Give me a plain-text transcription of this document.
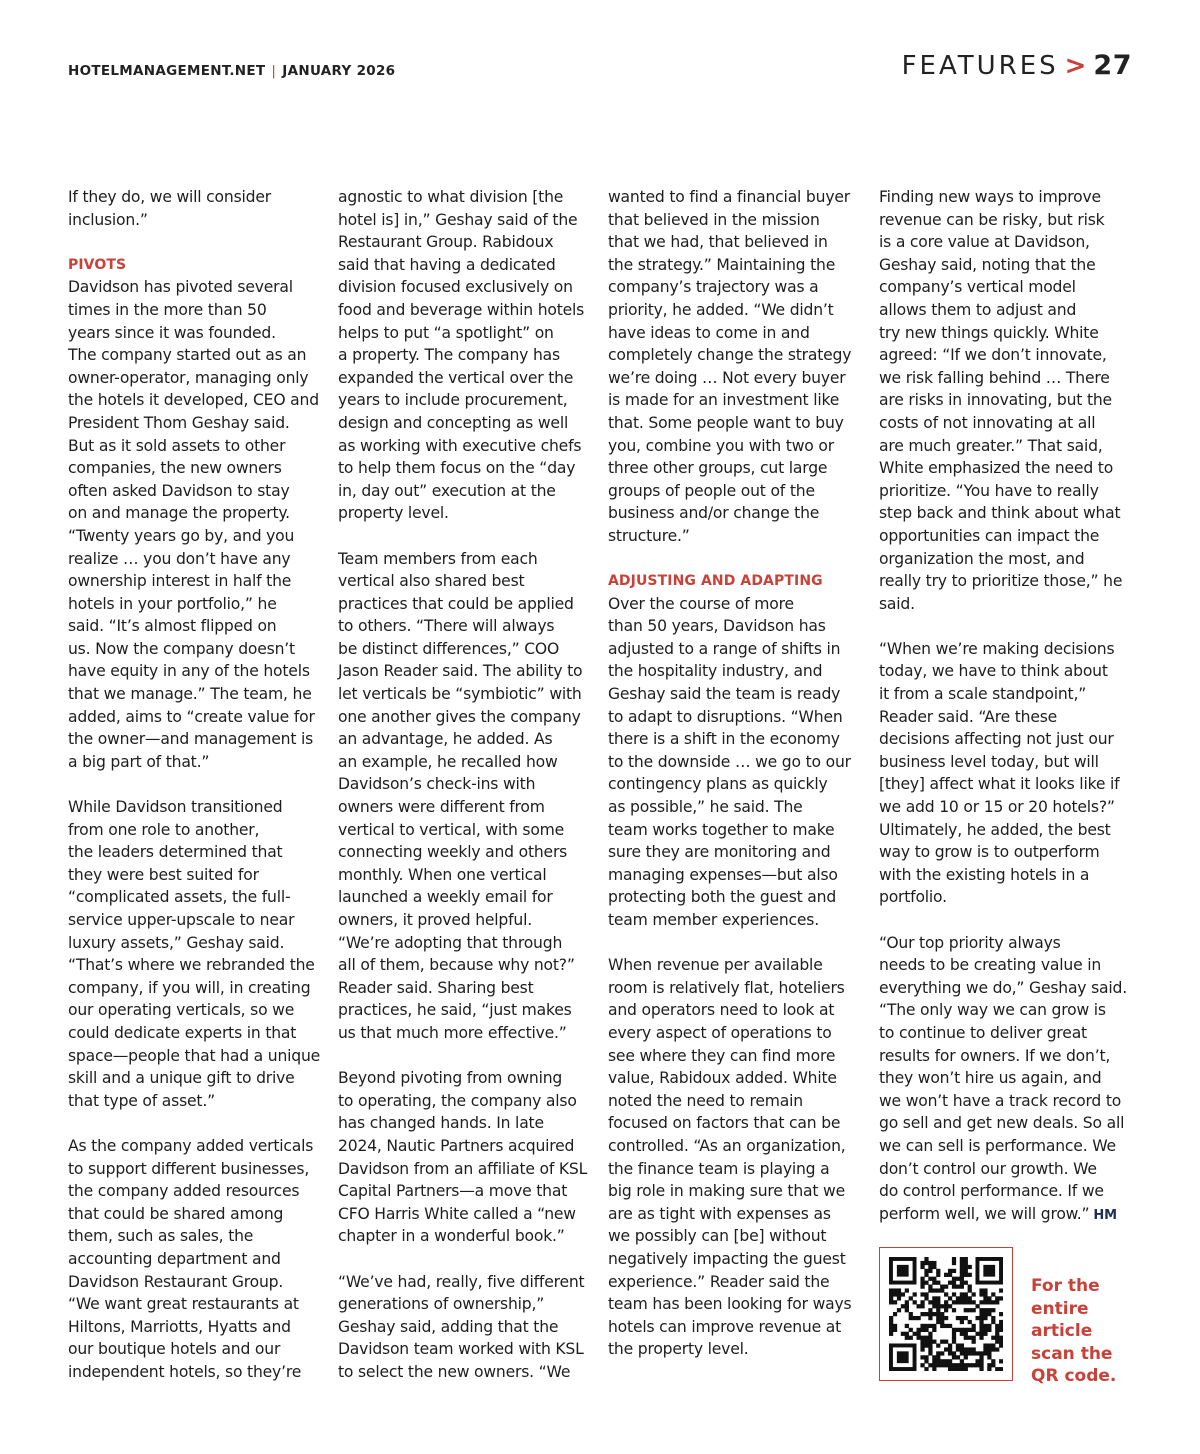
HOTELMANAGEMENT.NET | JANUARY 2026	FEATURES > 27

If they do, we will consider
inclusion.”

PIVOTS

Davidson has pivoted several
times in the more than 50
years since it was founded.
The company started out as an
owner-operator, managing only
the hotels it developed, CEO and
President Thom Geshay said.
But as it sold assets to other
companies, the new owners
often asked Davidson to stay
on and manage the property.
“Twenty years go by, and you
realize … you don’t have any
ownership interest in half the
hotels in your portfolio,” he
said. “It’s almost flipped on
us. Now the company doesn’t
have equity in any of the hotels
that we manage.” The team, he
added, aims to “create value for
the owner—and management is
a big part of that.”

While Davidson transitioned
from one role to another,
the leaders determined that
they were best suited for
“complicated assets, the full-
service upper-upscale to near
luxury assets,” Geshay said.
“That’s where we rebranded the
company, if you will, in creating
our operating verticals, so we
could dedicate experts in that
space—people that had a unique
skill and a unique gift to drive
that type of asset.”

As the company added verticals
to support different businesses,
the company added resources
that could be shared among
them, such as sales, the
accounting department and
Davidson Restaurant Group.
“We want great restaurants at
Hiltons, Marriotts, Hyatts and
our boutique hotels and our
independent hotels, so they’re

agnostic to what division [the
hotel is] in,” Geshay said of the
Restaurant Group. Rabidoux
said that having a dedicated
division focused exclusively on
food and beverage within hotels
helps to put “a spotlight” on
a property. The company has
expanded the vertical over the
years to include procurement,
design and concepting as well
as working with executive chefs
to help them focus on the “day
in, day out” execution at the
property level.

Team members from each
vertical also shared best
practices that could be applied
to others. “There will always
be distinct differences,” COO
Jason Reader said. The ability to
let verticals be “symbiotic” with
one another gives the company
an advantage, he added. As
an example, he recalled how
Davidson’s check-ins with
owners were different from
vertical to vertical, with some
connecting weekly and others
monthly. When one vertical
launched a weekly email for
owners, it proved helpful.
“We’re adopting that through
all of them, because why not?”
Reader said. Sharing best
practices, he said, “just makes
us that much more effective.”

Beyond pivoting from owning
to operating, the company also
has changed hands. In late
2024, Nautic Partners acquired
Davidson from an affiliate of KSL
Capital Partners—a move that
CFO Harris White called a “new
chapter in a wonderful book.”

“We’ve had, really, five different
generations of ownership,”
Geshay said, adding that the
Davidson team worked with KSL
to select the new owners. “We

wanted to find a financial buyer
that believed in the mission
that we had, that believed in
the strategy.” Maintaining the
company’s trajectory was a
priority, he added. “We didn’t
have ideas to come in and
completely change the strategy
we’re doing … Not every buyer
is made for an investment like
that. Some people want to buy
you, combine you with two or
three other groups, cut large
groups of people out of the
business and/or change the
structure.”

ADJUSTING AND ADAPTING

Over the course of more
than 50 years, Davidson has
adjusted to a range of shifts in
the hospitality industry, and
Geshay said the team is ready
to adapt to disruptions. “When
there is a shift in the economy
to the downside … we go to our
contingency plans as quickly
as possible,” he said. The
team works together to make
sure they are monitoring and
managing expenses—but also
protecting both the guest and
team member experiences.

When revenue per available
room is relatively flat, hoteliers
and operators need to look at
every aspect of operations to
see where they can find more
value, Rabidoux added. White
noted the need to remain
focused on factors that can be
controlled. “As an organization,
the finance team is playing a
big role in making sure that we
are as tight with expenses as
we possibly can [be] without
negatively impacting the guest
experience.” Reader said the
team has been looking for ways
hotels can improve revenue at
the property level.

Finding new ways to improve
revenue can be risky, but risk
is a core value at Davidson,
Geshay said, noting that the
company’s vertical model
allows them to adjust and
try new things quickly. White
agreed: “If we don’t innovate,
we risk falling behind … There
are risks in innovating, but the
costs of not innovating at all
are much greater.” That said,
White emphasized the need to
prioritize. “You have to really
step back and think about what
opportunities can impact the
organization the most, and
really try to prioritize those,” he
said.

“When we’re making decisions
today, we have to think about
it from a scale standpoint,”
Reader said. “Are these
decisions affecting not just our
business level today, but will
[they] affect what it looks like if
we add 10 or 15 or 20 hotels?”
Ultimately, he added, the best
way to grow is to outperform
with the existing hotels in a
portfolio.

“Our top priority always
needs to be creating value in
everything we do,” Geshay said.
“The only way we can grow is
to continue to deliver great
results for owners. If we don’t,
they won’t hire us again, and
we won’t have a track record to
go sell and get new deals. So all
we can sell is performance. We
don’t control our growth. We
do control performance. If we
perform well, we will grow.” HM

For the
entire
article
scan the
QR code.
